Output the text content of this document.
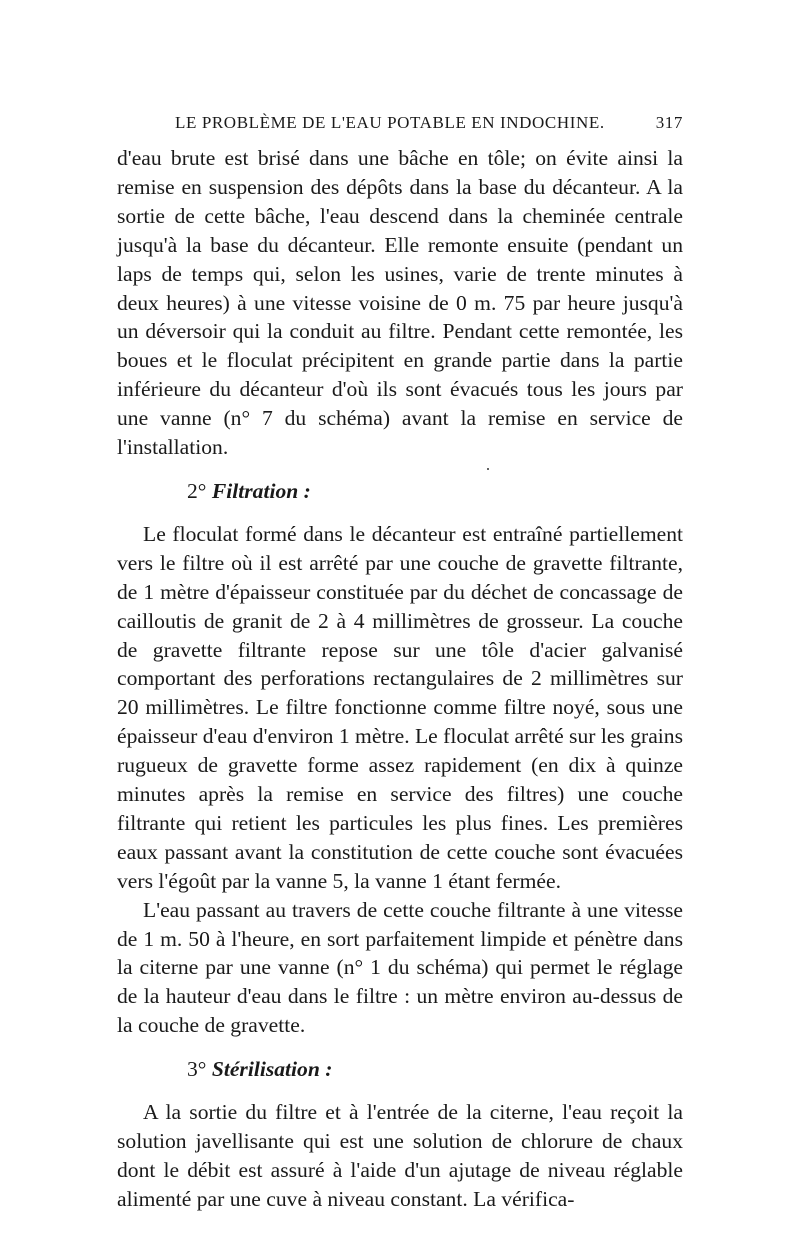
LE PROBLÈME DE L'EAU POTABLE EN INDOCHINE.	317

d'eau brute est brisé dans une bâche en tôle; on évite ainsi la remise en suspension des dépôts dans la base du décanteur. A la sortie de cette bâche, l'eau descend dans la cheminée centrale jusqu'à la base du décanteur. Elle remonte ensuite (pendant un laps de temps qui, selon les usines, varie de trente minutes à deux heures) à une vitesse voisine de 0 m. 75 par heure jusqu'à un déversoir qui la conduit au filtre. Pendant cette remontée, les boues et le floculat précipitent en grande partie dans la partie inférieure du décanteur d'où ils sont évacués tous les jours par une vanne (n° 7 du schéma) avant la remise en service de l'installation.

2° Filtration :

Le floculat formé dans le décanteur est entraîné partiellement vers le filtre où il est arrêté par une couche de gravette filtrante, de 1 mètre d'épaisseur constituée par du déchet de concassage de cailloutis de granit de 2 à 4 millimètres de grosseur. La couche de gravette filtrante repose sur une tôle d'acier galvanisé comportant des perforations rectangulaires de 2 millimètres sur 20 millimètres. Le filtre fonctionne comme filtre noyé, sous une épaisseur d'eau d'environ 1 mètre. Le floculat arrêté sur les grains rugueux de gravette forme assez rapidement (en dix à quinze minutes après la remise en service des filtres) une couche filtrante qui retient les particules les plus fines. Les premières eaux passant avant la constitution de cette couche sont évacuées vers l'égoût par la vanne 5, la vanne 1 étant fermée.

L'eau passant au travers de cette couche filtrante à une vitesse de 1 m. 50 à l'heure, en sort parfaitement limpide et pénètre dans la citerne par une vanne (n° 1 du schéma) qui permet le réglage de la hauteur d'eau dans le filtre : un mètre environ au-dessus de la couche de gravette.

3° Stérilisation :

A la sortie du filtre et à l'entrée de la citerne, l'eau reçoit la solution javellisante qui est une solution de chlorure de chaux dont le débit est assuré à l'aide d'un ajutage de niveau réglable alimenté par une cuve à niveau constant. La vérifica-
